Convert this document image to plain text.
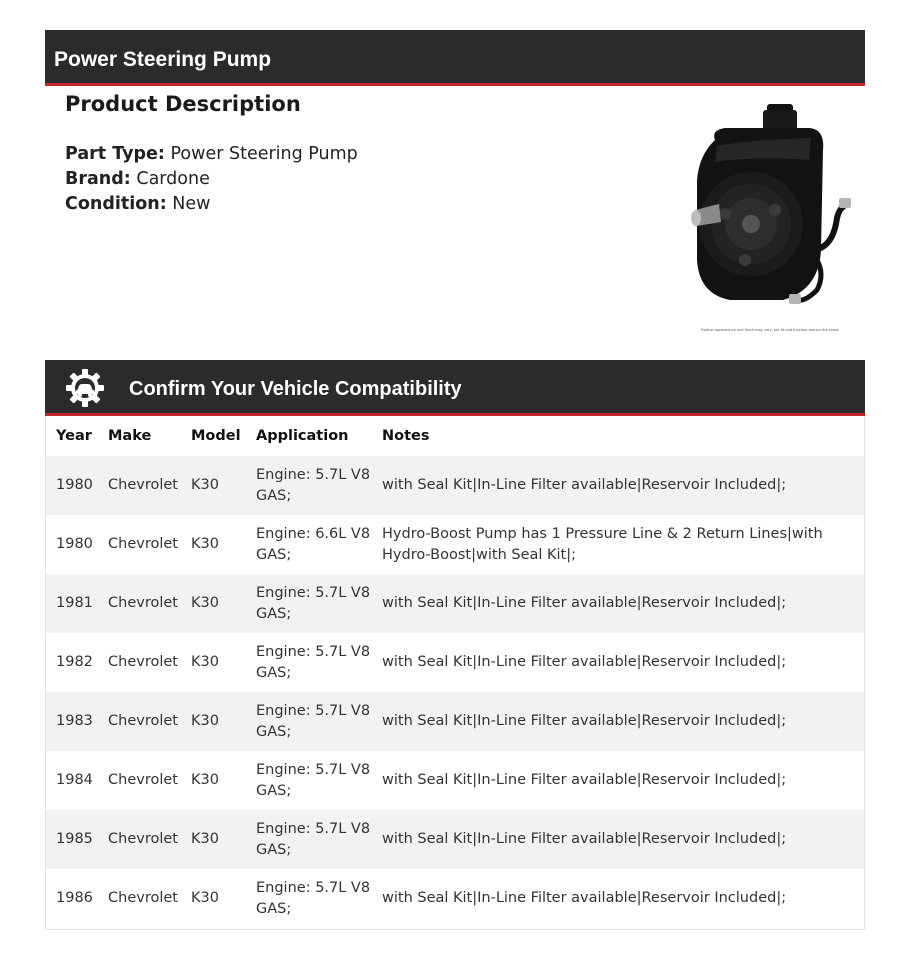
Power Steering Pump
Product Description
Part Type: Power Steering Pump
Brand: Cardone
Condition: New
Product appearance and finish may vary, but fit and function remain the same.
Confirm Your Vehicle Compatibility
Year	Make	Model	Application	Notes
1980	Chevrolet	K30	Engine: 5.7L V8 GAS;	with Seal Kit|In-Line Filter available|Reservoir Included|;
1980	Chevrolet	K30	Engine: 6.6L V8 GAS;	Hydro-Boost Pump has 1 Pressure Line & 2 Return Lines|with Hydro-Boost|with Seal Kit|;
1981	Chevrolet	K30	Engine: 5.7L V8 GAS;	with Seal Kit|In-Line Filter available|Reservoir Included|;
1982	Chevrolet	K30	Engine: 5.7L V8 GAS;	with Seal Kit|In-Line Filter available|Reservoir Included|;
1983	Chevrolet	K30	Engine: 5.7L V8 GAS;	with Seal Kit|In-Line Filter available|Reservoir Included|;
1984	Chevrolet	K30	Engine: 5.7L V8 GAS;	with Seal Kit|In-Line Filter available|Reservoir Included|;
1985	Chevrolet	K30	Engine: 5.7L V8 GAS;	with Seal Kit|In-Line Filter available|Reservoir Included|;
1986	Chevrolet	K30	Engine: 5.7L V8 GAS;	with Seal Kit|In-Line Filter available|Reservoir Included|;
